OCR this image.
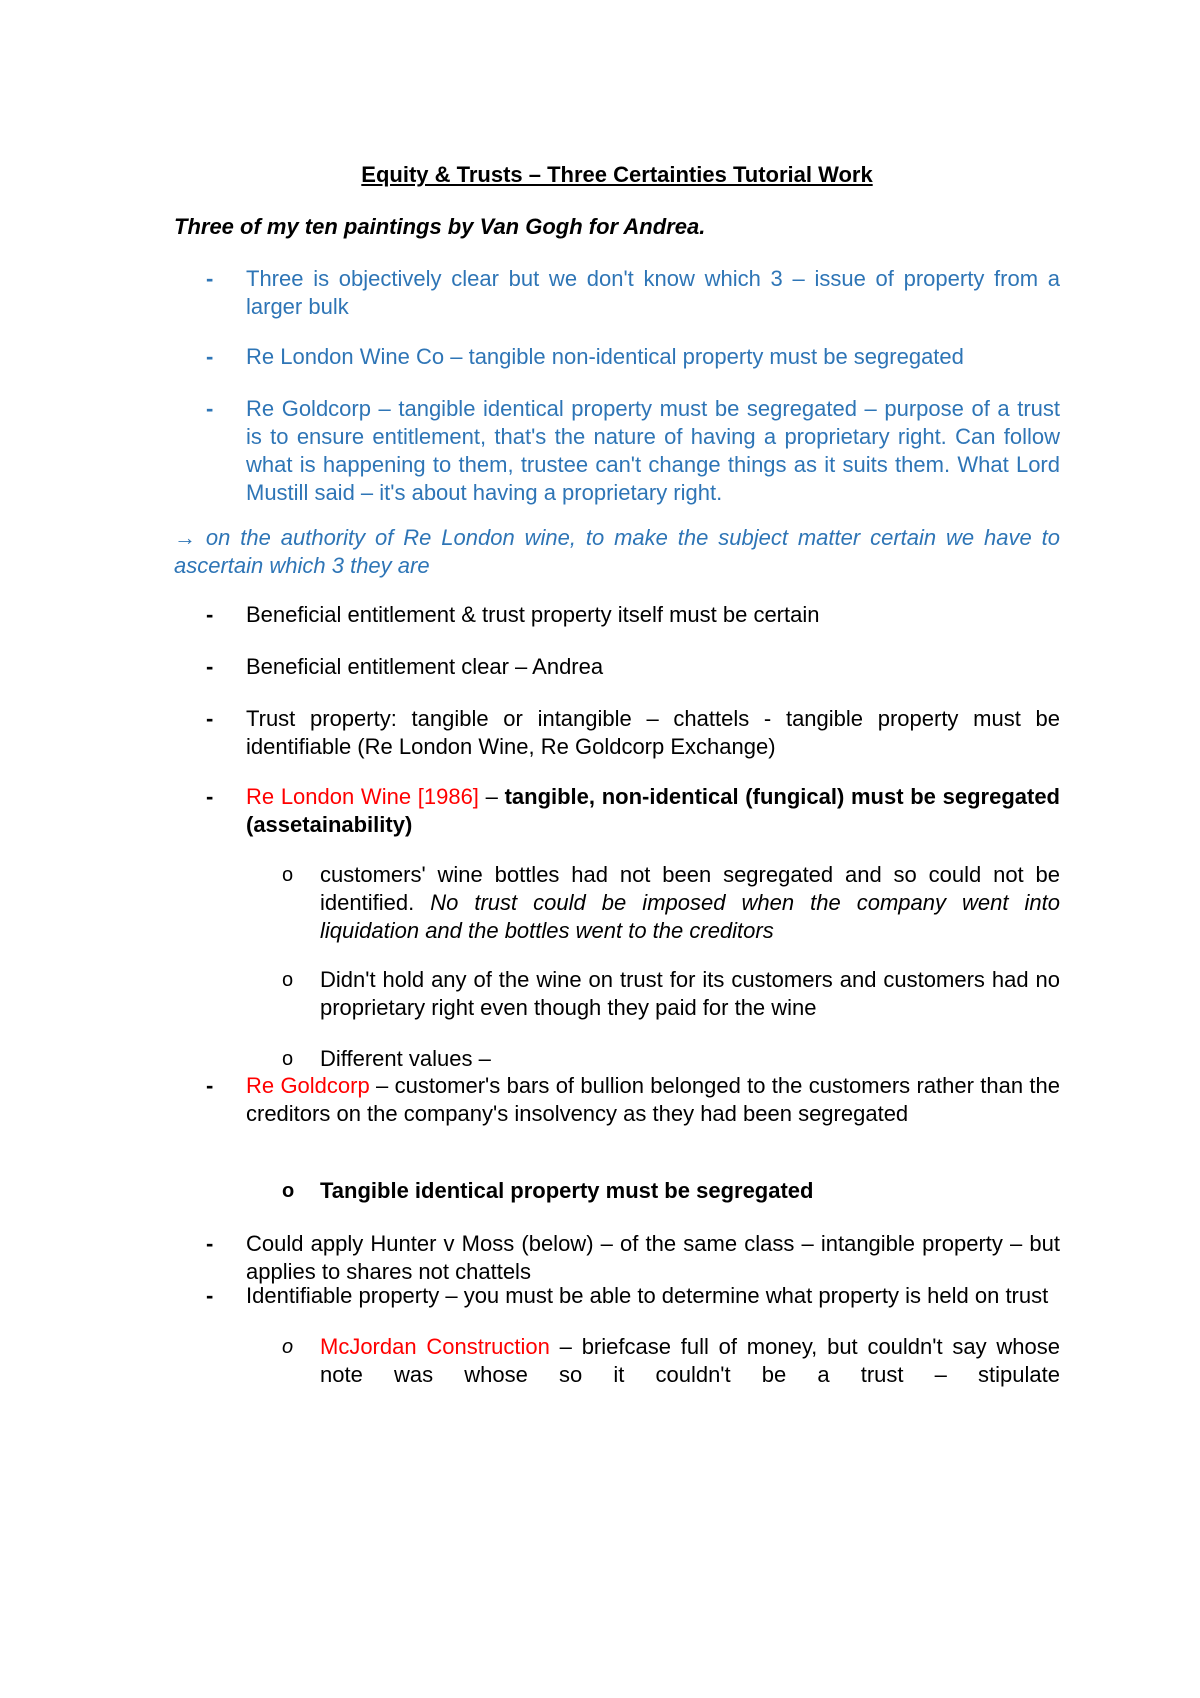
Equity & Trusts – Three Certainties Tutorial Work

Three of my ten paintings by Van Gogh for Andrea.

- Three is objectively clear but we don't know which 3 – issue of property from a larger bulk
- Re London Wine Co – tangible non-identical property must be segregated
- Re Goldcorp – tangible identical property must be segregated – purpose of a trust is to ensure entitlement, that's the nature of having a proprietary right. Can follow what is happening to them, trustee can't change things as it suits them. What Lord Mustill said – it's about having a proprietary right.

→ on the authority of Re London wine, to make the subject matter certain we have to ascertain which 3 they are

- Beneficial entitlement & trust property itself must be certain
- Beneficial entitlement clear – Andrea
- Trust property: tangible or intangible – chattels - tangible property must be identifiable (Re London Wine, Re Goldcorp Exchange)
- Re London Wine [1986] – tangible, non-identical (fungical) must be segregated (assetainability)
o customers' wine bottles had not been segregated and so could not be identified. No trust could be imposed when the company went into liquidation and the bottles went to the creditors
o Didn't hold any of the wine on trust for its customers and customers had no proprietary right even though they paid for the wine
o Different values –
- Re Goldcorp – customer's bars of bullion belonged to the customers rather than the creditors on the company's insolvency as they had been segregated
o Tangible identical property must be segregated
- Could apply Hunter v Moss (below) – of the same class – intangible property – but applies to shares not chattels
- Identifiable property – you must be able to determine what property is held on trust
o McJordan Construction – briefcase full of money, but couldn't say whose note was whose so it couldn't be a trust – stipulate
